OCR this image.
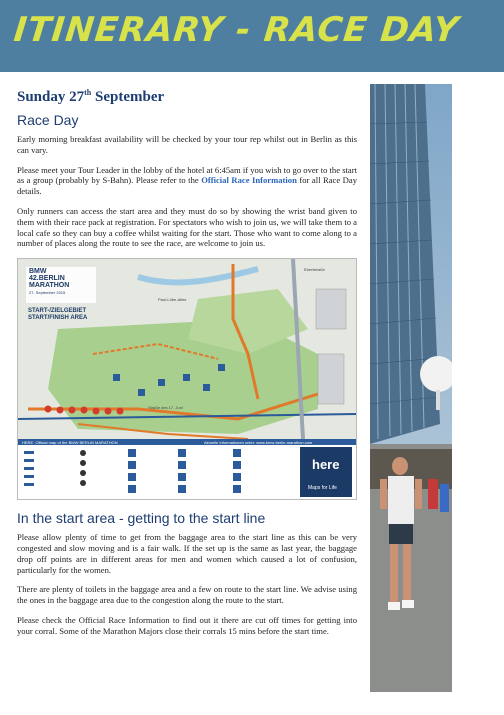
ITINERARY - RACE DAY
Sunday 27th September
Race Day

Early morning breakfast availability will be checked by your tour rep whilst out in Berlin as this can vary.

Please meet your Tour Leader in the lobby of the hotel at 6:45am if you wish to go over to the start as a group (probably by S-Bahn). Please refer to the Official Race Information for all Race Day details.

Only runners can access the start area and they must do so by showing the wrist band given to them with their race pack at registration. For spectators who wish to join us, we will take them to a local cafe so they can buy a coffee whilst waiting for the start. Those who want to come along to a number of places along the route to see the race, are welcome to join us.

BMW
42.BERLIN
MARATHON
27. September 2015
START-/ZIELGEBIET
START/FINISH AREA
Paul-Löbe-Allee
Straße des 17. Juni
Ebertstraße
HERE. Official map of the BMW BERLIN MARATHON	Aktuelle Informationen unter: www.bmw-berlin-marathon.com
here
Maps for Life
In the start area - getting to the start line

Please allow plenty of time to get from the baggage area to the start line as this can be very congested and slow moving and is a fair walk. If the set up is the same as last year, the baggage drop off points are in different areas for men and women which caused a lot of confusion, particularly for the women.

There are plenty of toilets in the baggage area and a few on route to the start line. We advise using the ones in the baggage area due to the congestion along the route to the start.

Please check the Official Race Information to find out it there are cut off times for getting into your corral. Some of the Marathon Majors close their corrals 15 mins before the start time.
